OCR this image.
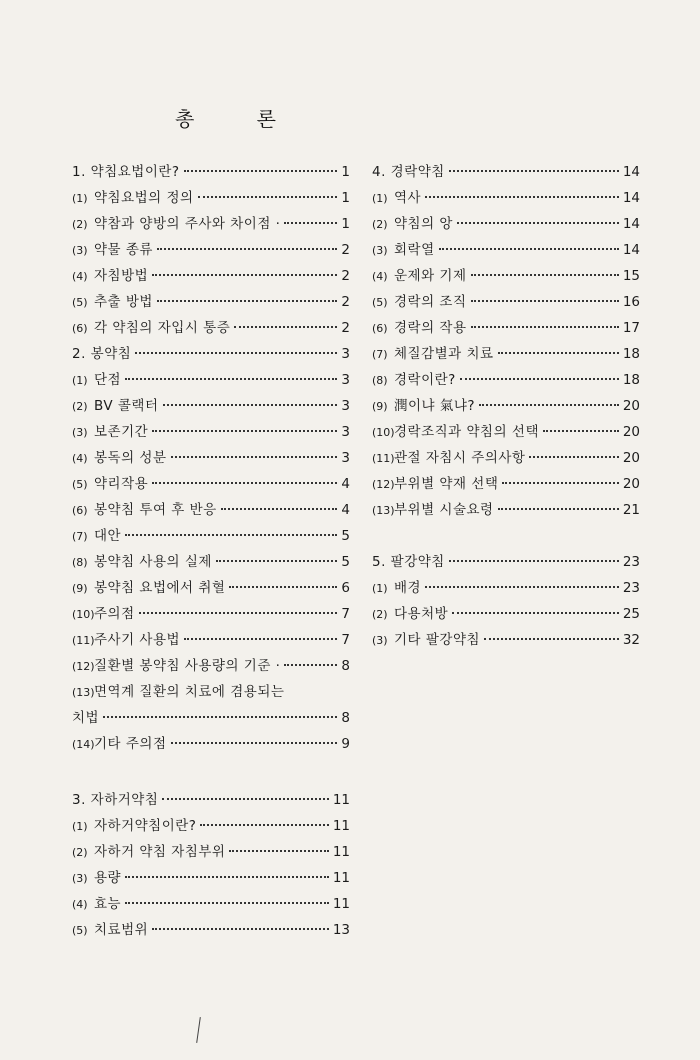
총 론
1. 약침요법이란?	1
(1) 약침요법의 정의	1
(2) 약참과 양방의 주사와 차이점 ·	1
(3) 약물 종류	2
(4) 자침방법	2
(5) 추출 방법	2
(6) 각 약침의 자입시 통증	2
2. 봉약침	3
(1) 단점	3
(2) BV 콜랙터	3
(3) 보존기간	3
(4) 봉독의 성분	3
(5) 약리작용	4
(6) 봉약침 투여 후 반응	4
(7) 대안	5
(8) 봉약침 사용의 실제	5
(9) 봉약침 요법에서 취혈	6
(10) 주의점	7
(11) 주사기 사용법	7
(12) 질환별 봉약침 사용량의 기준 ·	8
(13) 면역계 질환의 치료에 겸용되는
치법	8
(14) 기타 주의점	9
3. 자하거약침	11
(1) 자하거약침이란?	11
(2) 자하거 약침 자침부위	11
(3) 용량	11
(4) 효능	11
(5) 치료범위	13
4. 경락약침	14
(1) 역사	14
(2) 약침의 앙	14
(3) 회락열	14
(4) 운제와 기제	15
(5) 경락의 조직	16
(6) 경락의 작용	17
(7) 체질감별과 치료	18
(8) 경락이란?	18
(9) 潤이냐 氣냐?	20
(10) 경락조직과 약침의 선택	20
(11) 관절 자침시 주의사항	20
(12) 부위별 약재 선택	20
(13) 부위별 시술요령	21
5. 팔강약침	23
(1) 배경	23
(2) 다용처방	25
(3) 기타 팔강약침	32
